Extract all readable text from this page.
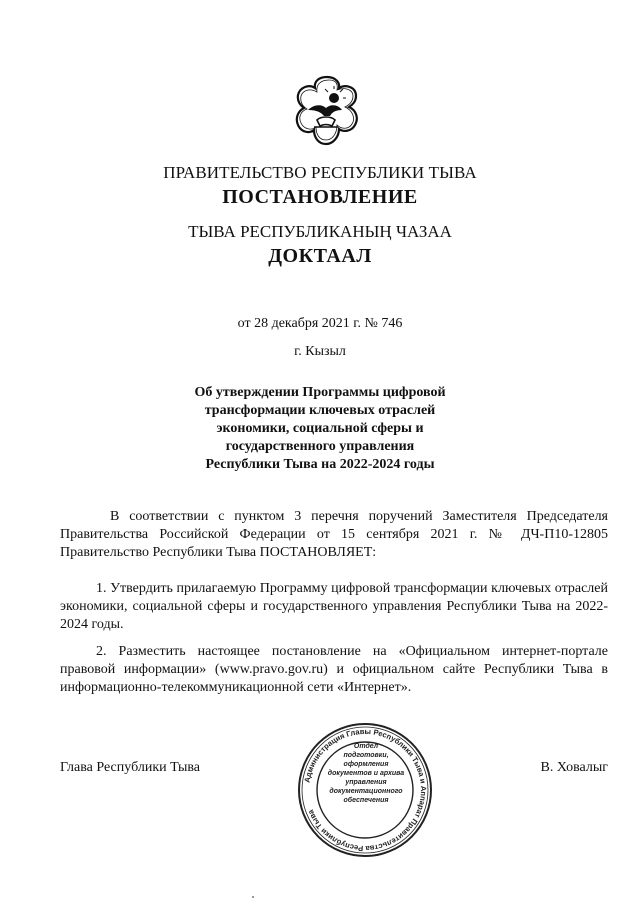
ПРАВИТЕЛЬСТВО РЕСПУБЛИКИ ТЫВА
ПОСТАНОВЛЕНИЕ
ТЫВА РЕСПУБЛИКАНЫҢ ЧАЗАА
ДОКТААЛ
от 28 декабря 2021 г. № 746
г. Кызыл
Об утверждении Программы цифровой
трансформации ключевых отраслей
экономики, социальной сферы и
государственного управления
Республики Тыва на 2022-2024 годы
В соответствии с пунктом 3 перечня поручений Заместителя Председателя Правительства Российской Федерации от 15 сентября 2021 г. № ДЧ-П10-12805 Правительство Республики Тыва ПОСТАНОВЛЯЕТ:
1. Утвердить прилагаемую Программу цифровой трансформации ключевых отраслей экономики, социальной сферы и государственного управления Республики Тыва на 2022-2024 годы.
2. Разместить настоящее постановление на «Официальном интернет-портале правовой информации» (www.pravo.gov.ru) и официальном сайте Республики Тыва в информационно-телекоммуникационной сети «Интернет».
Глава Республики Тыва	В. Ховалыг
Администрация Главы Республики Тыва и Аппарат Правительства Республики Тыва
Отдел
подготовки,
оформления
документов и архива
управления
документационного
обеспечения
